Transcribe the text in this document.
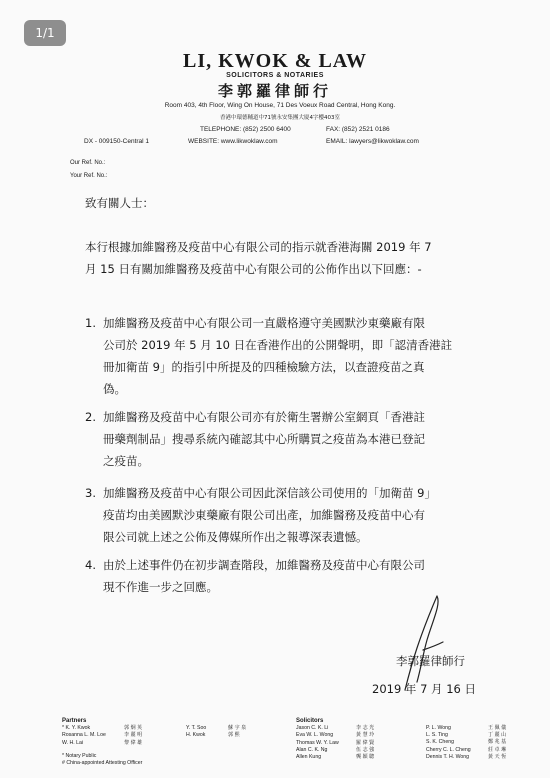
1/1
LI, KWOK & LAW
SOLICITORS & NOTARIES
李郭羅律師行
Room 403, 4th Floor, Wing On House, 71 Des Voeux Road Central, Hong Kong.
香港中環德輔道中71號永安集團大廈4字樓403室
TELEPHONE: (852) 2500 6400	FAX: (852) 2521 0186
DX - 009150-Central 1	WEBSITE: www.likwoklaw.com	EMAIL: lawyers@likwoklaw.com
Our Ref. No.:
Your Ref. No.:
致有關人士：
本行根據加維醫務及疫苗中心有限公司的指示就香港海關 2019 年 7
月 15 日有關加維醫務及疫苗中心有限公司的公佈作出以下回應：-
1. 加維醫務及疫苗中心有限公司一直嚴格遵守美國默沙東藥廠有限
公司於 2019 年 5 月 10 日在香港作出的公開聲明，即「認清香港註
冊加衛苗 9」的指引中所提及的四種檢驗方法，以查證疫苗之真
偽。
2. 加維醫務及疫苗中心有限公司亦有於衛生署辦公室網頁「香港註
冊藥劑制品」搜尋系統內確認其中心所購買之疫苗為本港已登記
之疫苗。
3. 加維醫務及疫苗中心有限公司因此深信該公司使用的「加衛苗 9」
疫苗均由美國默沙東藥廠有限公司出產，加維醫務及疫苗中心有
限公司就上述之公佈及傳媒所作出之報導深表遺憾。
4. 由於上述事件仍在初步調查階段，加維醫務及疫苗中心有限公司
現不作進一步之回應。
李郭羅律師行
2019 年 7 月 16 日
Partners
* K. Y. Kwok	郭 炯 英
Rosanna L. M. Loe	李 麗 明
W. H. Lai	黎 偉 雄
* Notary Public
# China-appointed Attesting Officer
Y. T. Soo	蘇 宇 泉
H. Kwok	郭 熙
Solicitors
Jason C. K. Li	李 志 光
Eva W. L. Wong	黃 慧 玲
Thomas W. Y. Law	羅 偉 賢
Alan C. K. Ng	伍 志 強
Allen Kung	龔 穎 聰
P. L. Wong	王 佩 儀
L. S. Ting	丁 麗 山
S. K. Cheng	鄭 兆 基
Cherry C. L. Cheng	莊 卓 琳
Dennis T. H. Wong	黃 天 恆
